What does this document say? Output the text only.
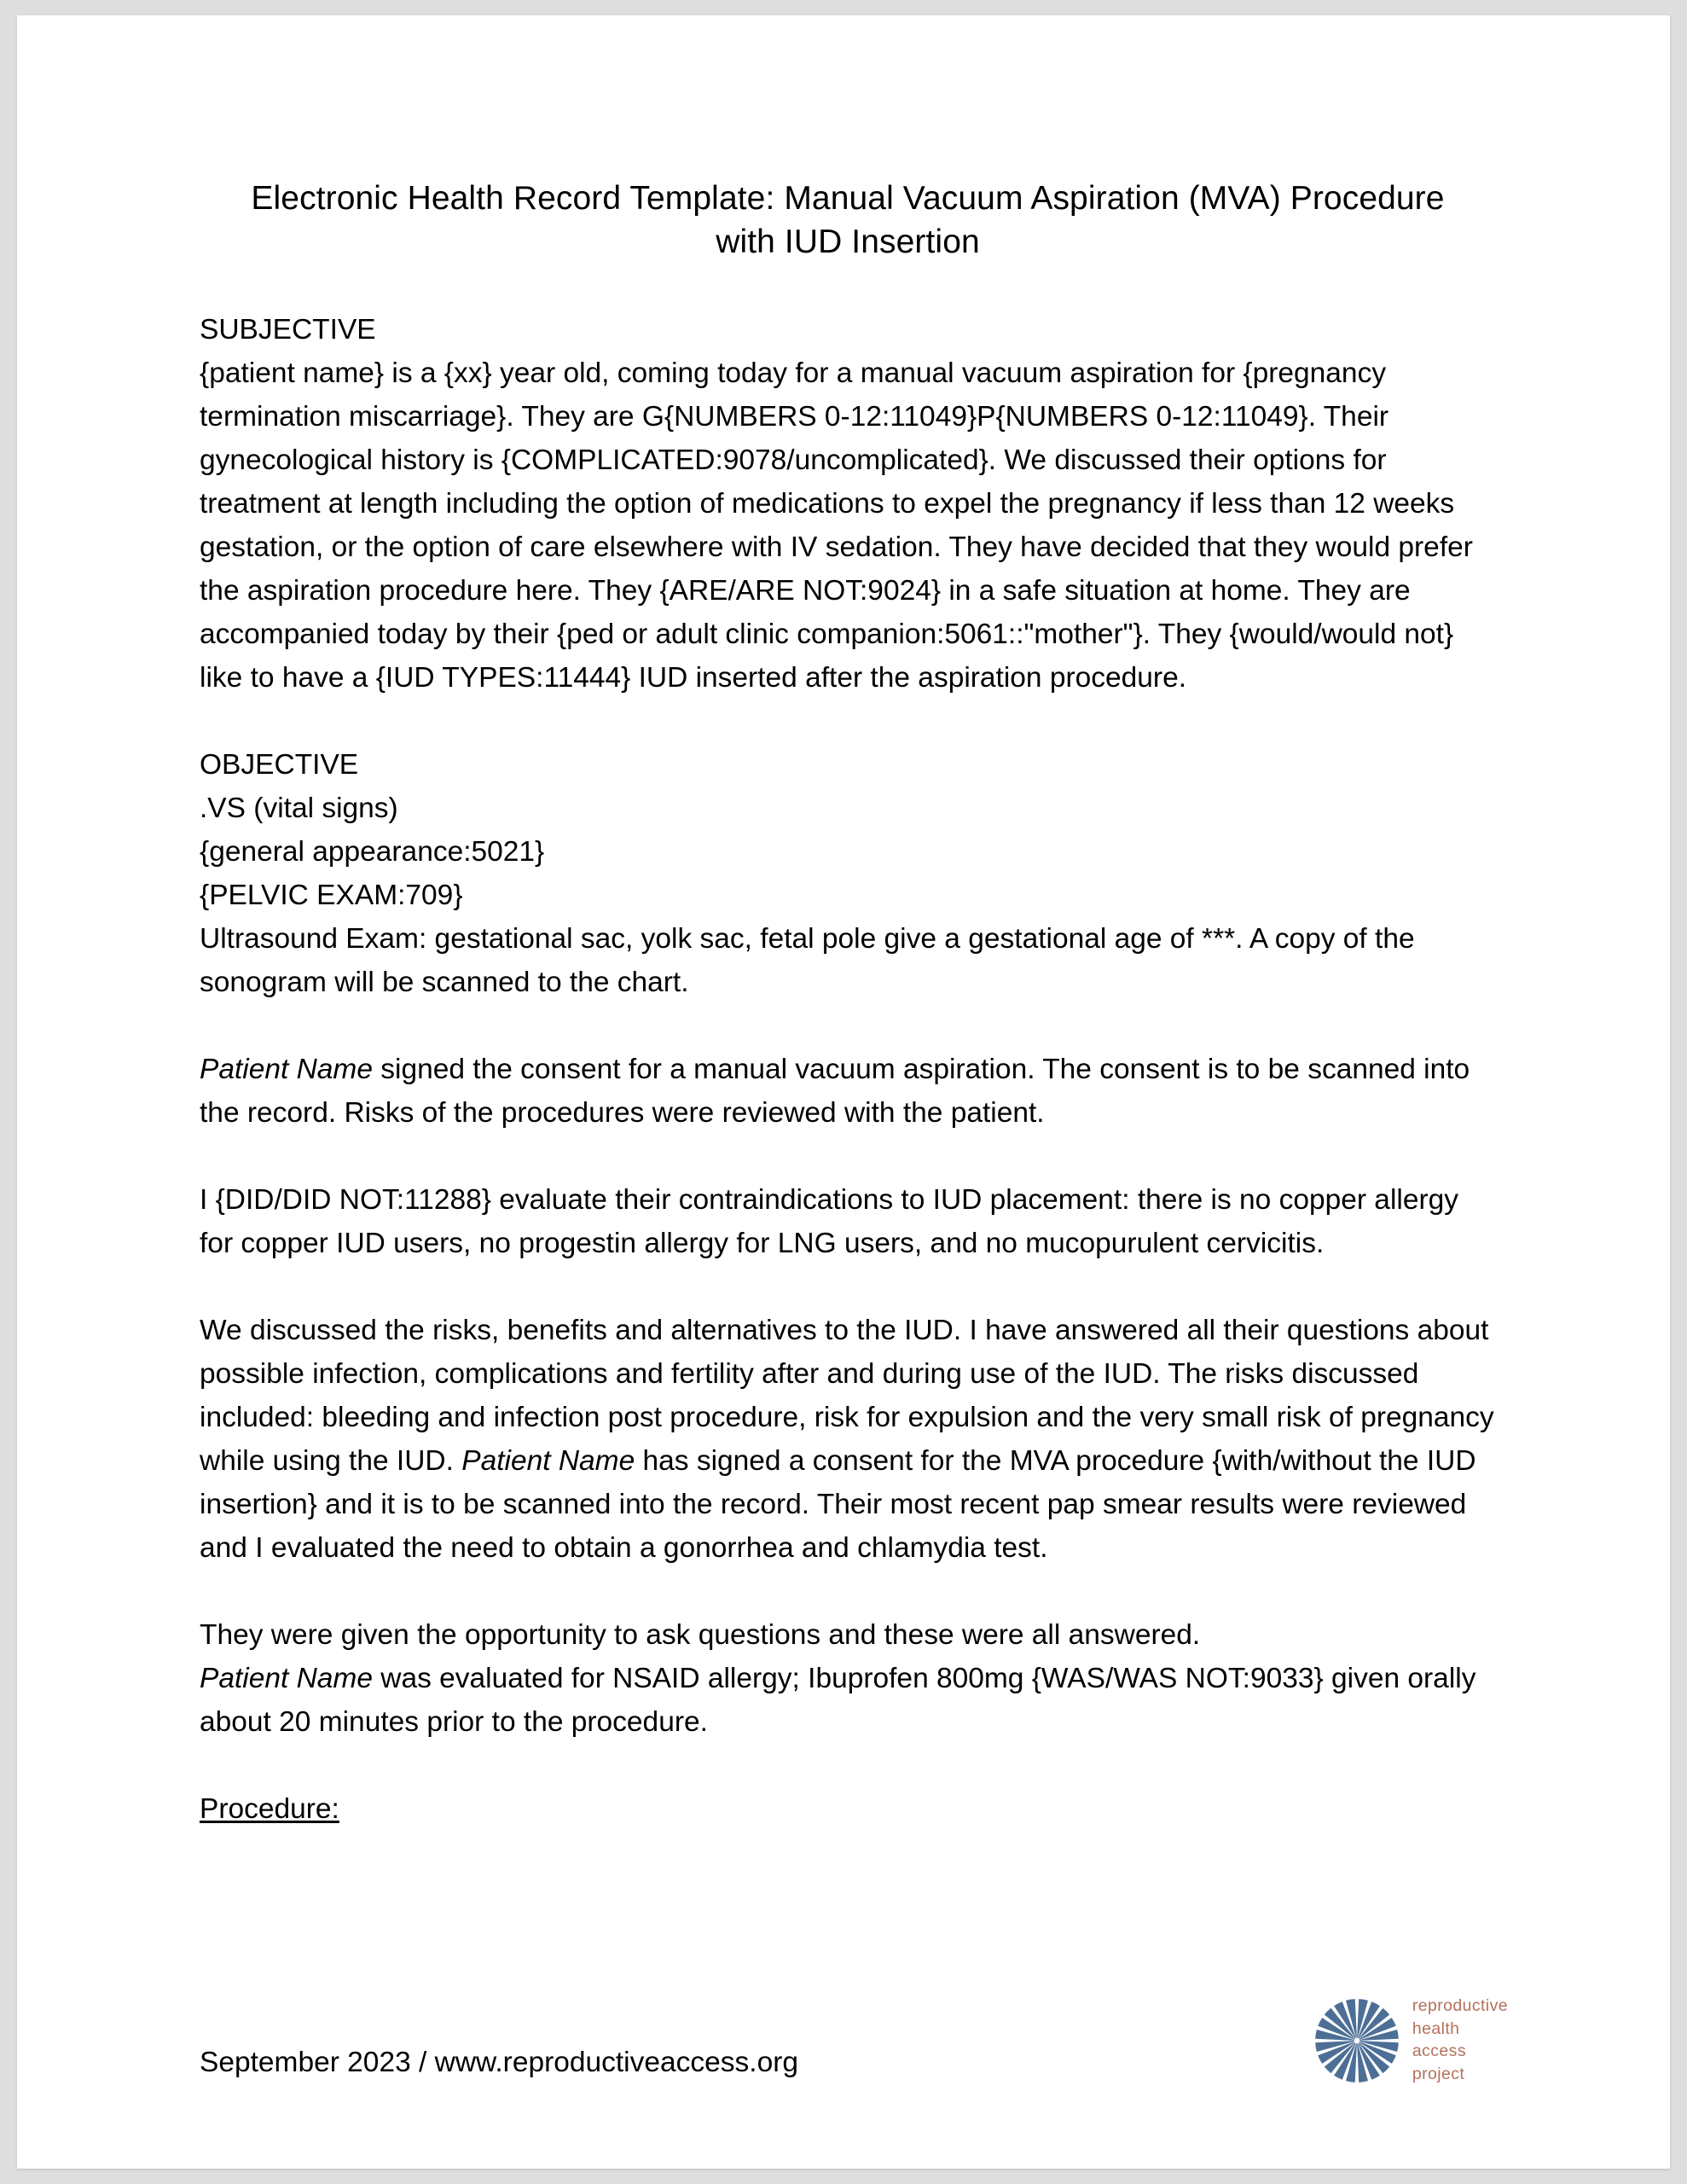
Electronic Health Record Template: Manual Vacuum Aspiration (MVA) Procedure with IUD Insertion

SUBJECTIVE

{patient name} is a {xx} year old, coming today for a manual vacuum aspiration for {pregnancy termination miscarriage}. They are G{NUMBERS 0-12:11049}P{NUMBERS 0-12:11049}. Their gynecological history is {COMPLICATED:9078/uncomplicated}. We discussed their options for treatment at length including the option of medications to expel the pregnancy if less than 12 weeks gestation, or the option of care elsewhere with IV sedation. They have decided that they would prefer the aspiration procedure here. They {ARE/ARE NOT:9024} in a safe situation at home. They are accompanied today by their {ped or adult clinic companion:5061::"mother"}. They {would/would not} like to have a {IUD TYPES:11444} IUD inserted after the aspiration procedure.

OBJECTIVE

.VS (vital signs)

{general appearance:5021}

{PELVIC EXAM:709}

Ultrasound Exam: gestational sac, yolk sac, fetal pole give a gestational age of ***. A copy of the sonogram will be scanned to the chart.

Patient Name signed the consent for a manual vacuum aspiration. The consent is to be scanned into the record. Risks of the procedures were reviewed with the patient.

I {DID/DID NOT:11288} evaluate their contraindications to IUD placement: there is no copper allergy for copper IUD users, no progestin allergy for LNG users, and no mucopurulent cervicitis.

We discussed the risks, benefits and alternatives to the IUD. I have answered all their questions about possible infection, complications and fertility after and during use of the IUD. The risks discussed included: bleeding and infection post procedure, risk for expulsion and the very small risk of pregnancy while using the IUD. Patient Name has signed a consent for the MVA procedure {with/without the IUD insertion} and it is to be scanned into the record. Their most recent pap smear results were reviewed and I evaluated the need to obtain a gonorrhea and chlamydia test.

They were given the opportunity to ask questions and these were all answered.

Patient Name was evaluated for NSAID allergy; Ibuprofen 800mg {WAS/WAS NOT:9033} given orally about 20 minutes prior to the procedure.

Procedure:

September 2023 / www.reproductiveaccess.org
reproductive
health
access
project
